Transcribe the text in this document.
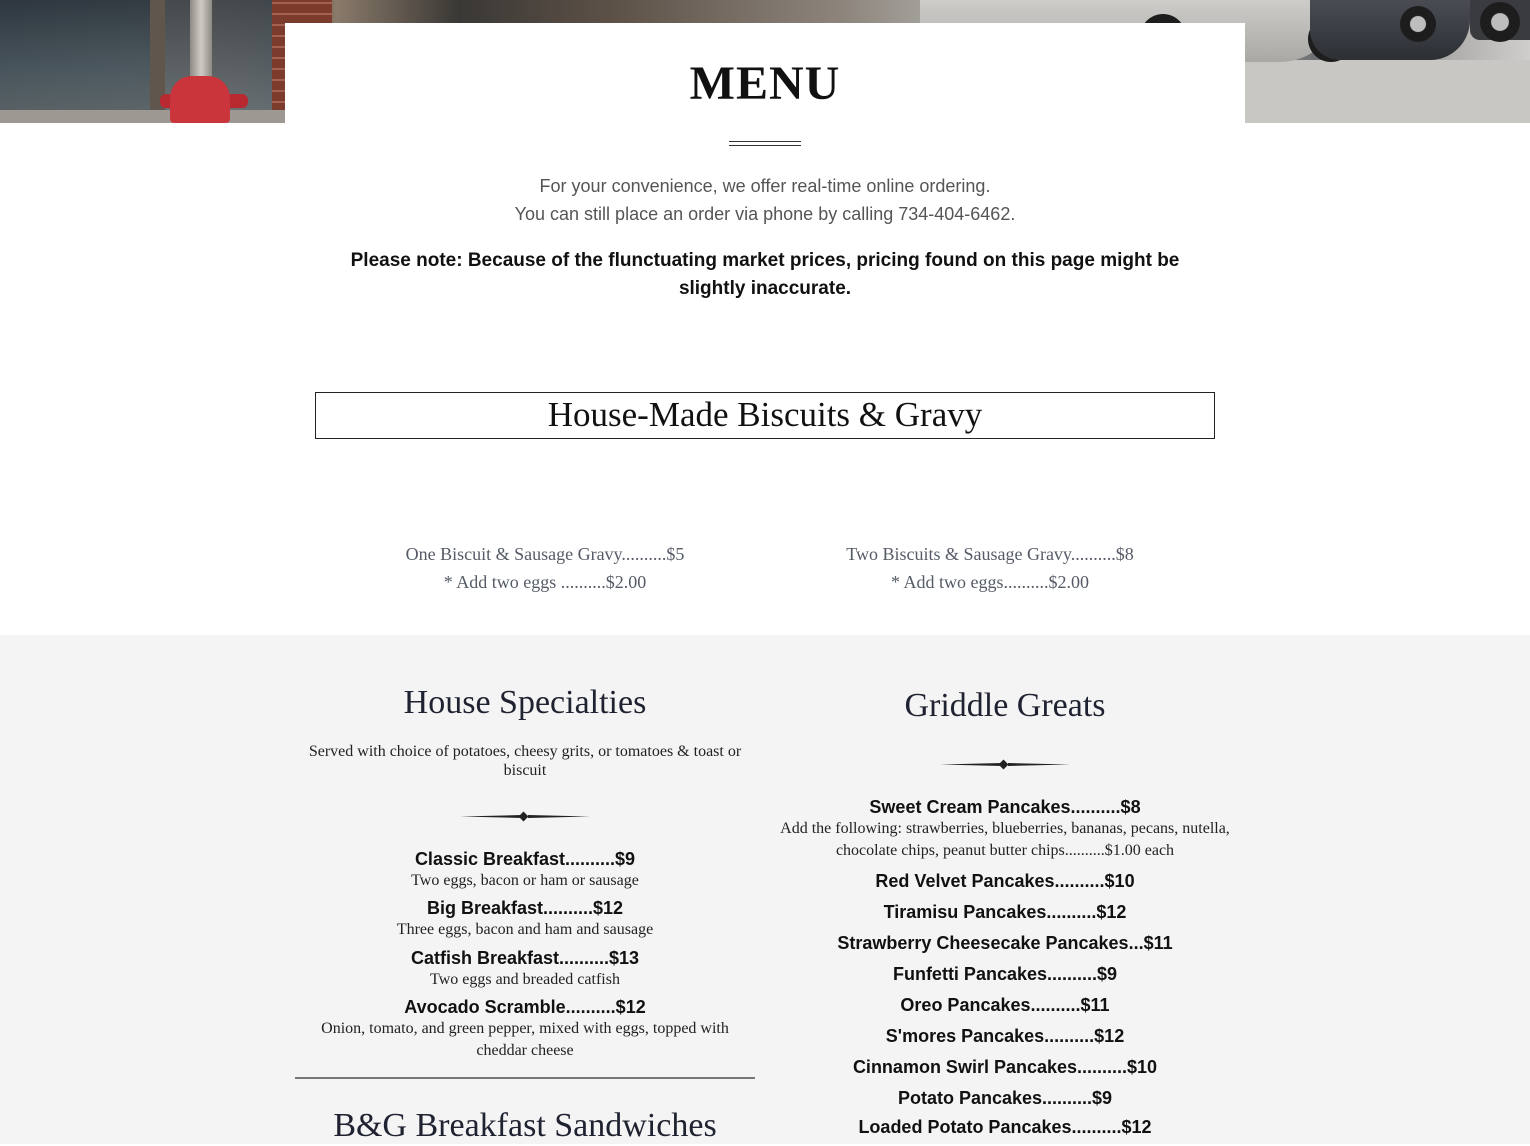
MENU
For your convenience, we offer real-time online ordering.
You can still place an order via phone by calling 734-404-6462.
Please note: Because of the flunctuating market prices, pricing found on this page might be slightly inaccurate.
House-Made Biscuits & Gravy
One Biscuit & Sausage Gravy..........$5
* Add two eggs ..........$2.00
Two Biscuits & Sausage Gravy..........$8
* Add two eggs..........$2.00
House Specialties
Served with choice of potatoes, cheesy grits, or tomatoes & toast or biscuit
Classic Breakfast..........$9
Two eggs, bacon or ham or sausage
Big Breakfast..........$12
Three eggs, bacon and ham and sausage
Catfish Breakfast..........$13
Two eggs and breaded catfish
Avocado Scramble..........$12
Onion, tomato, and green pepper, mixed with eggs, topped with cheddar cheese
B&G Breakfast Sandwiches
Griddle Greats
Sweet Cream Pancakes..........$8
Add the following: strawberries, blueberries, bananas, pecans, nutella, chocolate chips, peanut butter chips..........$1.00 each
Red Velvet Pancakes..........$10
Tiramisu Pancakes..........$12
Strawberry Cheesecake Pancakes...$11
Funfetti Pancakes..........$9
Oreo Pancakes..........$11
S'mores Pancakes..........$12
Cinnamon Swirl Pancakes..........$10
Potato Pancakes..........$9
Loaded Potato Pancakes..........$12
